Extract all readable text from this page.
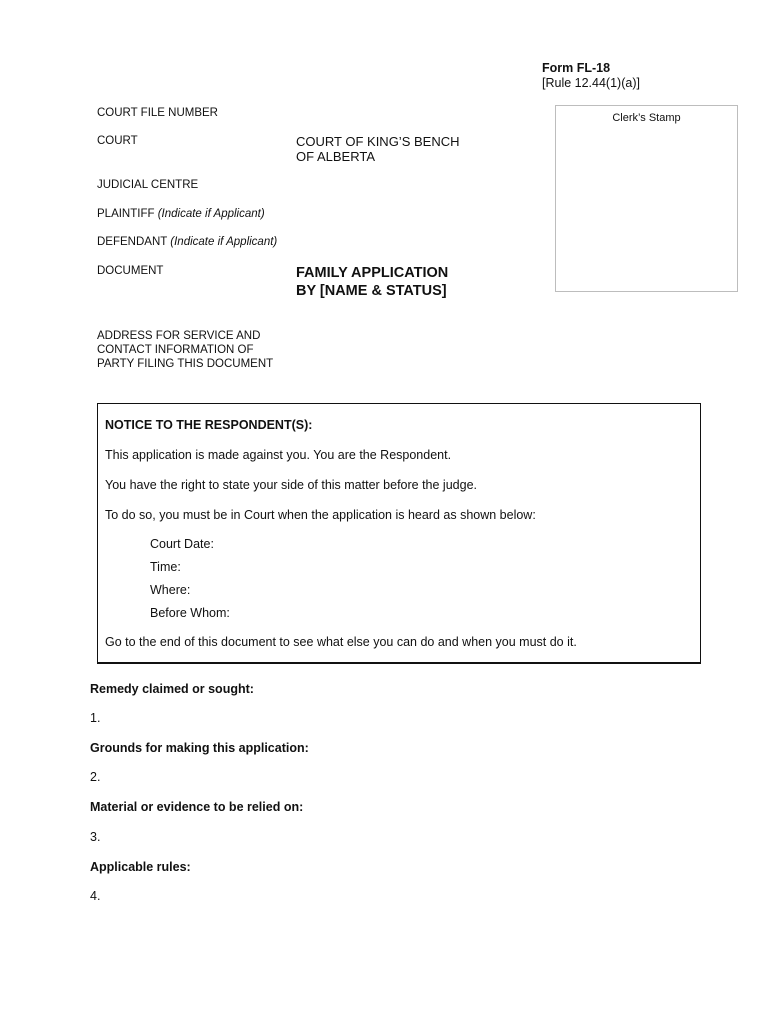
Form FL-18
[Rule 12.44(1)(a)]
Clerk’s Stamp
COURT FILE NUMBER
COURT	COURT OF KING’S BENCH
OF ALBERTA
JUDICIAL CENTRE
PLAINTIFF (Indicate if Applicant)
DEFENDANT (Indicate if Applicant)
DOCUMENT	FAMILY APPLICATION
BY [NAME & STATUS]
ADDRESS FOR SERVICE AND
CONTACT INFORMATION OF
PARTY FILING THIS DOCUMENT
NOTICE TO THE RESPONDENT(S):
This application is made against you. You are the Respondent.
You have the right to state your side of this matter before the judge.
To do so, you must be in Court when the application is heard as shown below:
Court Date:
Time:
Where:
Before Whom:
Go to the end of this document to see what else you can do and when you must do it.
Remedy claimed or sought:
1.
Grounds for making this application:
2.
Material or evidence to be relied on:
3.
Applicable rules:
4.
